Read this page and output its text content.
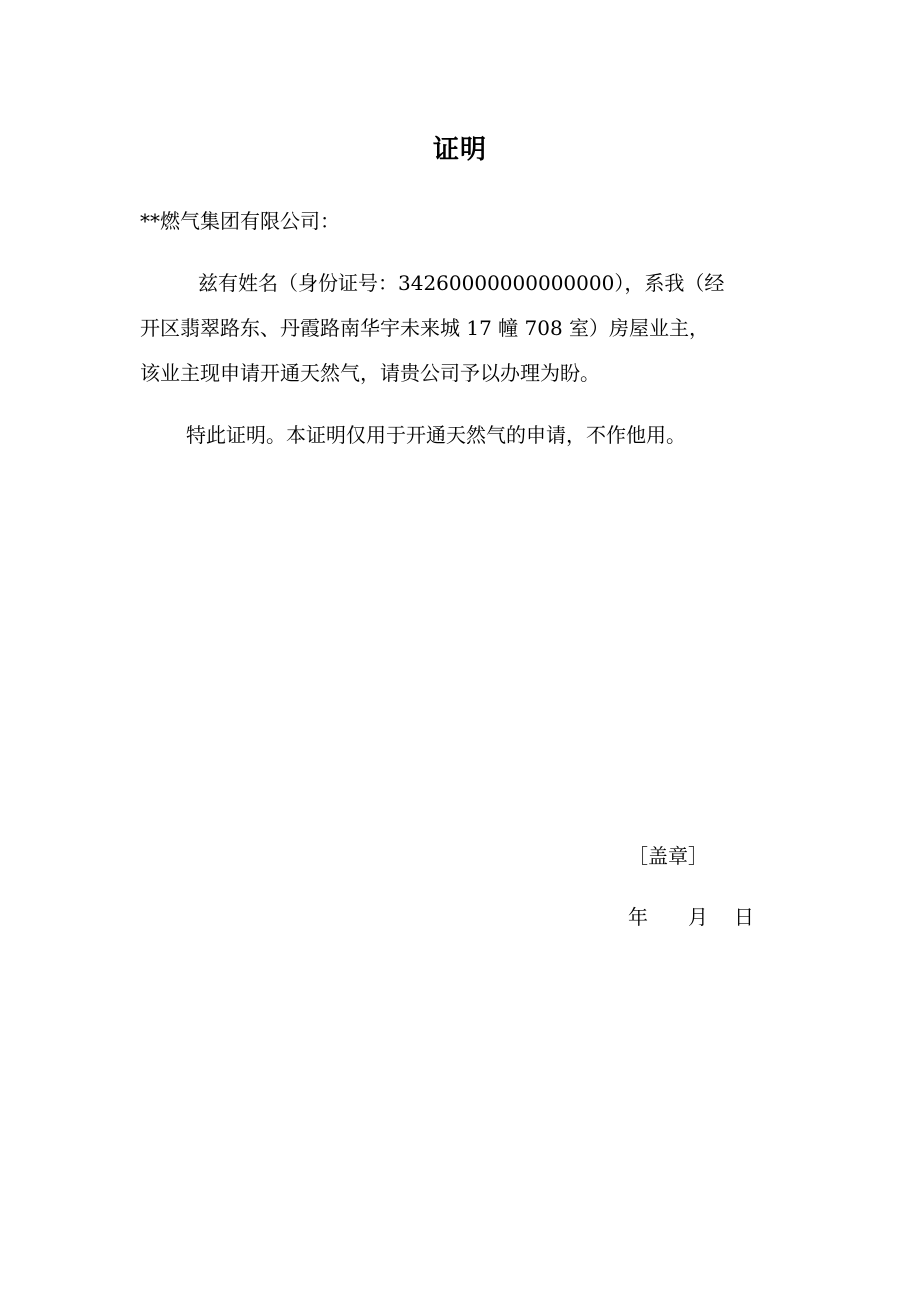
证明
**燃气集团有限公司：
兹有姓名（身份证号：34260000000000000），系我（经
开区翡翠路东、丹霞路南华宇未来城 17 幢 708 室）房屋业主，
该业主现申请开通天然气，请贵公司予以办理为盼。
特此证明。本证明仅用于开通天然气的申请，不作他用。
［盖章］
年 月 日
